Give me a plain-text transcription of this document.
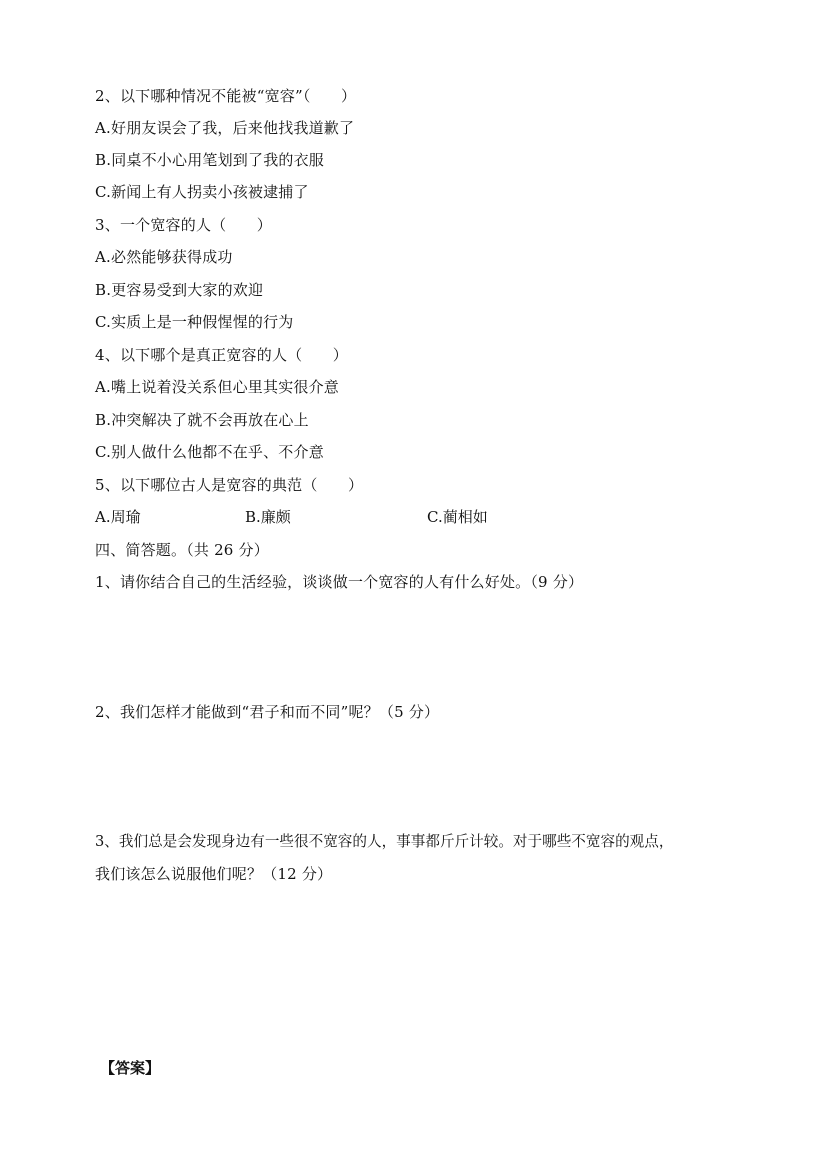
2、以下哪种情况不能被“宽容”（　　）
A.好朋友误会了我，后来他找我道歉了
B.同桌不小心用笔划到了我的衣服
C.新闻上有人拐卖小孩被逮捕了
3、一个宽容的人（　　）
A.必然能够获得成功
B.更容易受到大家的欢迎
C.实质上是一种假惺惺的行为
4、以下哪个是真正宽容的人（　　）
A.嘴上说着没关系但心里其实很介意
B.冲突解决了就不会再放在心上
C.别人做什么他都不在乎、不介意
5、以下哪位古人是宽容的典范（　　）
A.周瑜	B.廉颇	C.蔺相如
四、简答题。（共 26 分）
1、请你结合自己的生活经验，谈谈做一个宽容的人有什么好处。（9 分）
2、我们怎样才能做到“君子和而不同”呢？（5 分）
3、我们总是会发现身边有一些很不宽容的人，事事都斤斤计较。对于哪些不宽容的观点，
我们该怎么说服他们呢？（12 分）
【答案】
